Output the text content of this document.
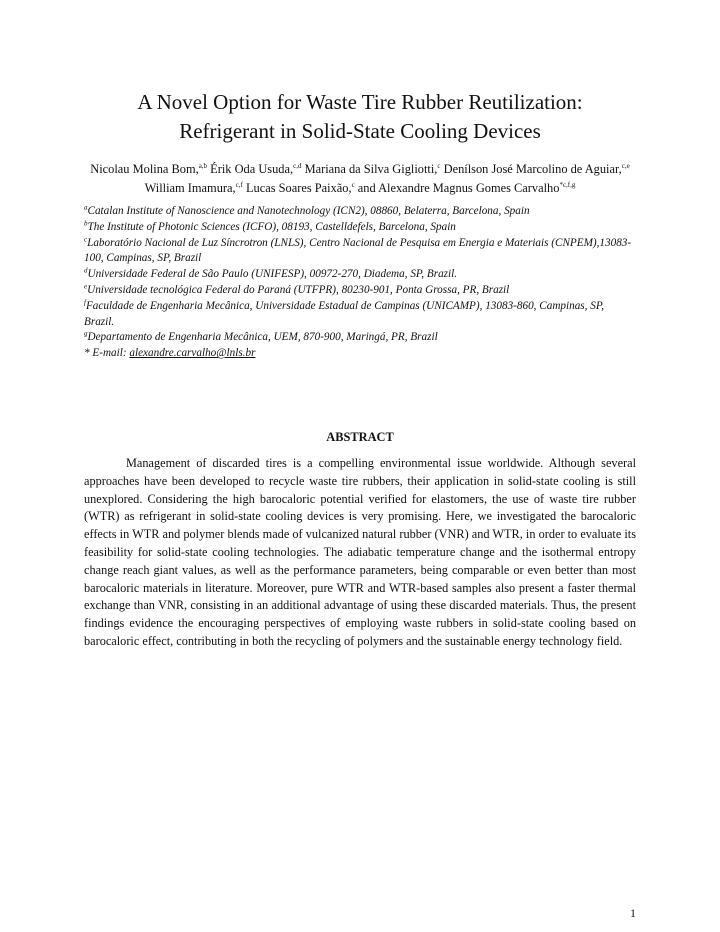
A Novel Option for Waste Tire Rubber Reutilization:
Refrigerant in Solid-State Cooling Devices
Nicolau Molina Bom,$^{a,b}$ Érik Oda Usuda,$^{c,d}$ Mariana da Silva Gigliotti,$^c$ Denílson José Marcolino de Aguiar,$^{c,e}$ William Imamura,$^{c,f}$ Lucas Soares Paixão,$^c$ and Alexandre Magnus Gomes Carvalho$^{*c,f,g}$
$^a$Catalan Institute of Nanoscience and Nanotechnology (ICN2), 08860, Belaterra, Barcelona, Spain
$^b$The Institute of Photonic Sciences (ICFO), 08193, Castelldefels, Barcelona, Spain
$^c$Laboratório Nacional de Luz Síncrotron (LNLS), Centro Nacional de Pesquisa em Energia e Materiais (CNPEM),13083-100, Campinas, SP, Brazil
$^d$Universidade Federal de São Paulo (UNIFESP), 00972-270, Diadema, SP, Brazil.
$^e$Universidade tecnológica Federal do Paraná (UTFPR), 80230-901, Ponta Grossa, PR, Brazil
$^f$Faculdade de Engenharia Mecânica, Universidade Estadual de Campinas (UNICAMP), 13083-860, Campinas, SP, Brazil.
$^g$Departamento de Engenharia Mecânica, UEM, 870-900, Maringá, PR, Brazil
* E-mail: alexandre.carvalho@lnls.br
ABSTRACT
Management of discarded tires is a compelling environmental issue worldwide. Although several approaches have been developed to recycle waste tire rubbers, their application in solid-state cooling is still unexplored. Considering the high barocaloric potential verified for elastomers, the use of waste tire rubber (WTR) as refrigerant in solid-state cooling devices is very promising. Here, we investigated the barocaloric effects in WTR and polymer blends made of vulcanized natural rubber (VNR) and WTR, in order to evaluate its feasibility for solid-state cooling technologies. The adiabatic temperature change and the isothermal entropy change reach giant values, as well as the performance parameters, being comparable or even better than most barocaloric materials in literature. Moreover, pure WTR and WTR-based samples also present a faster thermal exchange than VNR, consisting in an additional advantage of using these discarded materials. Thus, the present findings evidence the encouraging perspectives of employing waste rubbers in solid-state cooling based on barocaloric effect, contributing in both the recycling of polymers and the sustainable energy technology field.
1
